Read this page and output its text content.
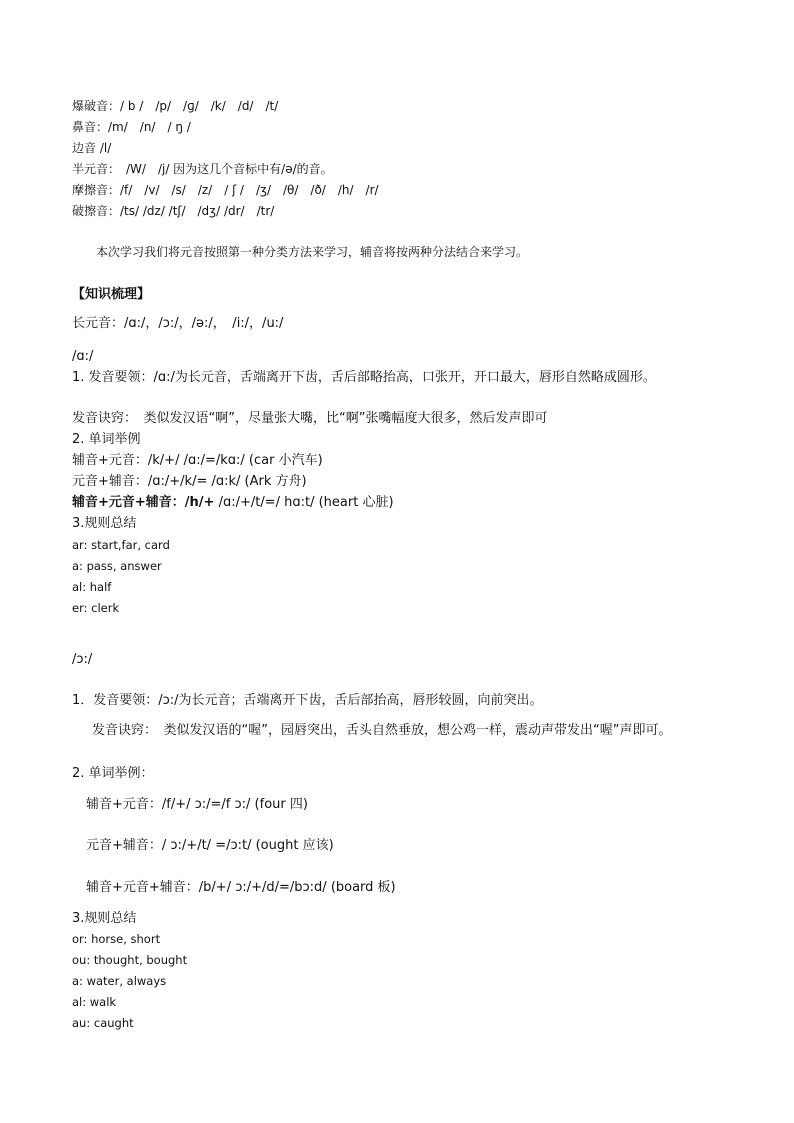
爆破音：/ b /　/p/　/ɡ/　/k/　/d/　/t/
鼻音：/m/　/n/　/ ŋ /
边音 /l/
半元音：　/W/　/j/ 因为这几个音标中有/ə/的音。
摩擦音：/f/　/v/　/s/　/z/　/ ʃ /　/ʒ/　/θ/　/ð/　/h/　/r/
破擦音：/ts/ /dz/ /tʃ/　/dʒ/ /dr/　/tr/
本次学习我们将元音按照第一种分类方法来学习，辅音将按两种分法结合来学习。
【知识梳理】
长元音：/ɑ:/，/ɔ:/，/ə:/，　/i:/，/u:/
/ɑ:/
1. 发音要领：/ɑ:/为长元音，舌端离开下齿，舌后部略抬高，口张开，开口最大，唇形自然略成圆形。
发音诀窍：　类似发汉语“啊”，尽量张大嘴，比“啊”张嘴幅度大很多，然后发声即可
2. 单词举例
辅音+元音：/k/+/ /ɑ:/=/kɑ:/ (car 小汽车)
元音+辅音：/ɑ:/+/k/= /ɑ:k/ (Ark 方舟)
辅音+元音+辅音：/h/+ /ɑ:/+/t/=/ hɑ:t/ (heart 心脏)
3.规则总结
ar: start,far, card
a: pass, answer
al: half
er: clerk
/ɔ:/
1．发音要领：/ɔ:/为长元音；舌端离开下齿，舌后部抬高，唇形较圆，向前突出。
发音诀窍：　类似发汉语的“喔”，园唇突出，舌头自然垂放，想公鸡一样，震动声带发出“喔”声即可。
2. 单词举例：
辅音+元音：/f/+/ ɔ:/=/f ɔ:/ (four 四)
元音+辅音：/ ɔ:/+/t/ =/ɔ:t/ (ought 应该)
辅音+元音+辅音：/b/+/ ɔ:/+/d/=/bɔ:d/ (board 板)
3.规则总结
or: horse, short
ou: thought, bought
a: water, always
al: walk
au: caught
